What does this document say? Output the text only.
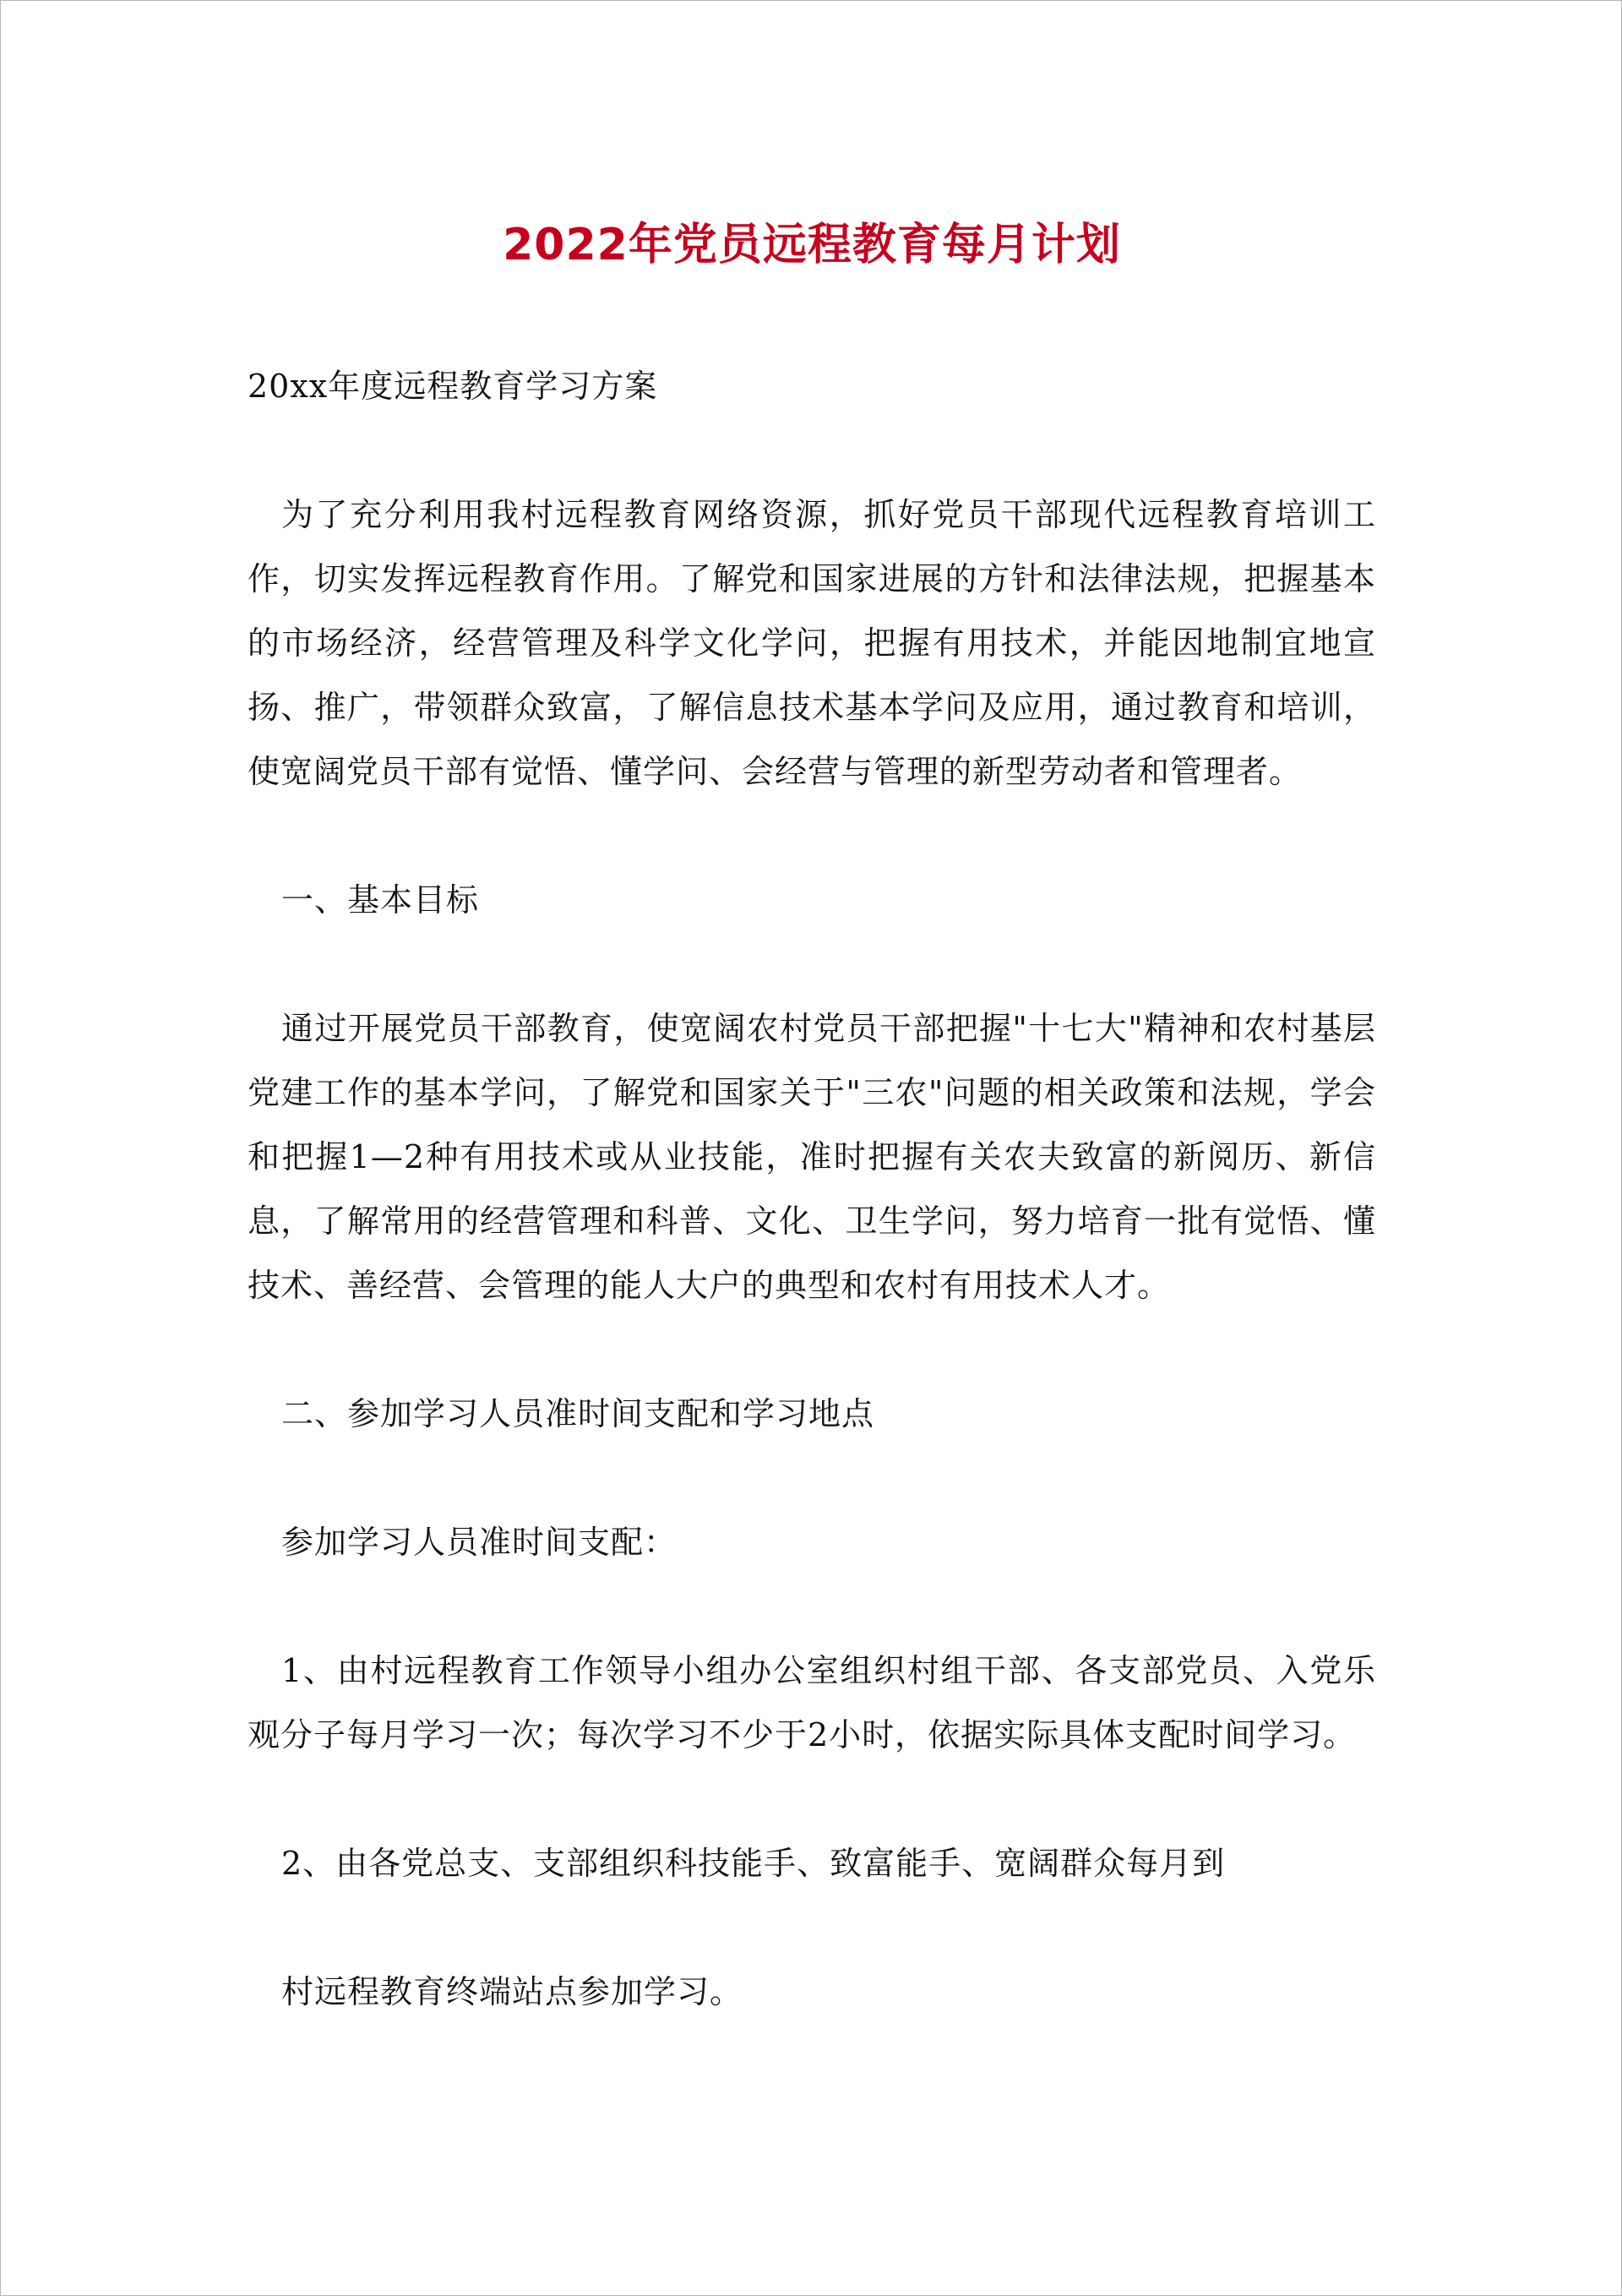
2022年党员远程教育每月计划

20xx年度远程教育学习方案

为了充分利用我村远程教育网络资源，抓好党员干部现代远程教育培训工作，切实发挥远程教育作用。了解党和国家进展的方针和法律法规，把握基本的市场经济，经营管理及科学文化学问，把握有用技术，并能因地制宜地宣扬、推广，带领群众致富，了解信息技术基本学问及应用，通过教育和培训，使宽阔党员干部有觉悟、懂学问、会经营与管理的新型劳动者和管理者。

一、基本目标

通过开展党员干部教育，使宽阔农村党员干部把握"十七大"精神和农村基层党建工作的基本学问，了解党和国家关于"三农"问题的相关政策和法规，学会和把握1—2种有用技术或从业技能，准时把握有关农夫致富的新阅历、新信息，了解常用的经营管理和科普、文化、卫生学问，努力培育一批有觉悟、懂技术、善经营、会管理的能人大户的典型和农村有用技术人才。

二、参加学习人员准时间支配和学习地点

参加学习人员准时间支配：

1、由村远程教育工作领导小组办公室组织村组干部、各支部党员、入党乐观分子每月学习一次；每次学习不少于2小时，依据实际具体支配时间学习。

2、由各党总支、支部组织科技能手、致富能手、宽阔群众每月到

村远程教育终端站点参加学习。
